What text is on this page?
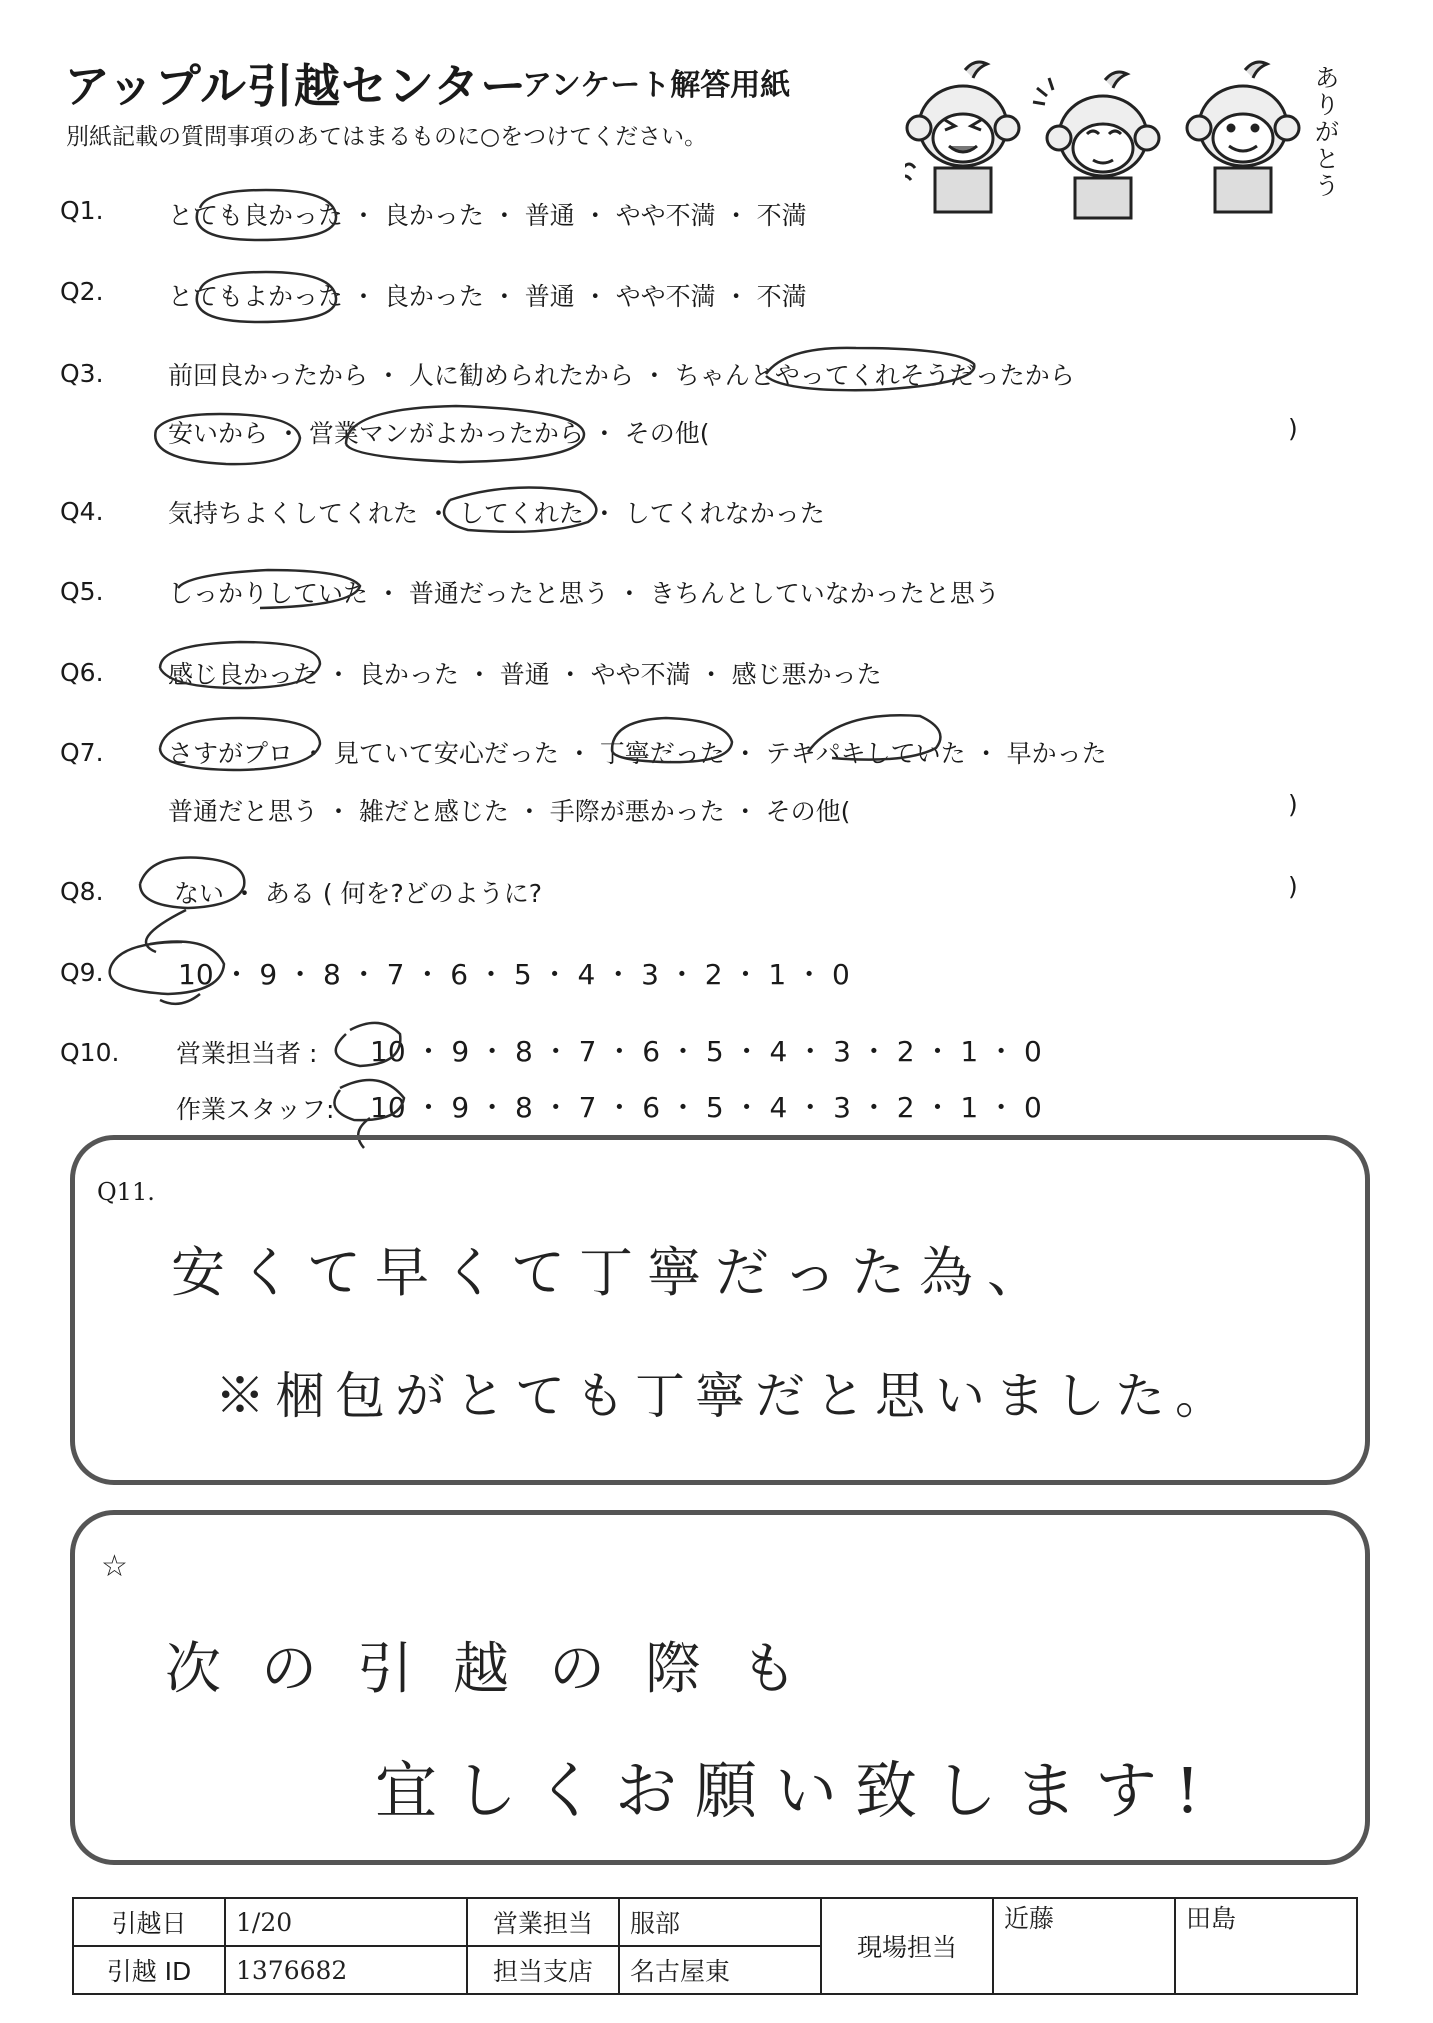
アップル引越センター
アンケート解答用紙
別紙記載の質問事項のあてはまるものに○をつけてください。
ありがとう
Q1.	とても良かった ・ 良かった ・ 普通 ・ やや不満 ・ 不満
Q2.	とてもよかった ・ 良かった ・ 普通 ・ やや不満 ・ 不満
Q3.	前回良かったから ・ 人に勧められたから ・ ちゃんとやってくれそうだったから
安いから ・ 営業マンがよかったから ・ その他(	)
Q4.	気持ちよくしてくれた ・ してくれた ・ してくれなかった
Q5.	しっかりしていた ・ 普通だったと思う ・ きちんとしていなかったと思う
Q6.	感じ良かった ・ 良かった ・ 普通 ・ やや不満 ・ 感じ悪かった
Q7.	さすがプロ ・ 見ていて安心だった ・ 丁寧だった ・ テキパキしていた ・ 早かった
普通だと思う ・ 雑だと感じた ・ 手際が悪かった ・ その他(	)
Q8.	ない ・ ある ( 何を?どのように?	)
Q9.	10 ・ 9 ・ 8 ・ 7 ・ 6 ・ 5 ・ 4 ・ 3 ・ 2 ・ 1 ・ 0
Q10. 営業担当者 : 10 ・ 9 ・ 8 ・ 7 ・ 6 ・ 5 ・ 4 ・ 3 ・ 2 ・ 1 ・ 0
作業スタッフ: 10 ・ 9 ・ 8 ・ 7 ・ 6 ・ 5 ・ 4 ・ 3 ・ 2 ・ 1 ・ 0
Q11.
安くて早くて丁寧だった為、
※梱包がとても丁寧だと思いました。
☆
次の引越の際も
宜しくお願い致します!
引越日	1/20	営業担当	服部	現場担当	近藤	田島
引越 ID	1376682	担当支店	名古屋東			
